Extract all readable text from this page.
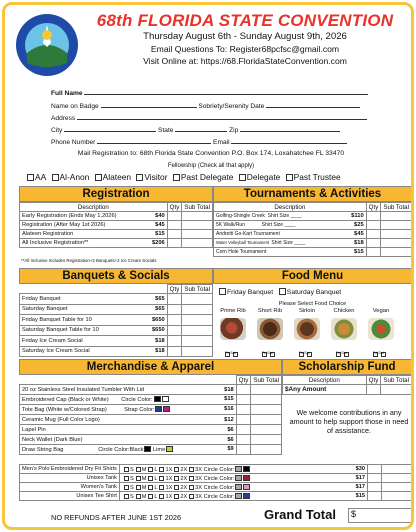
68th FLORIDA STATE CONVENTION
Thursday August 6th - Sunday August 9th, 2026
Email Questions To: Register68pcfsc@gmail.com
Visit Online at: https://68.FloridaStateConvention.com
Full Name
Name on Badge	Sobriety/Serenity Date
Address
City	State	Zip
Phone Number	Email
Mail Registration to: 68th Florida State Convention P.O. Box 174, Loxahatchee FL 33470
Fellowship (Check all that apply)
AA Al-Anon Alateen Visitor Past Delegate Delegate Past Trustee
Registration
Description	Qty	Sub Total
Early Registration (Ends May 1,2026) $40		

Registration (After May 1st 2026) $45		

Alateen Registration $15		

All Inclusive Registration** $206		

**All Inclusive Includes Registration+2 Banquets+2 Ice Cream Socials
Tournaments & Activities
Description	Qty	Sub Total
Golfing-Shingle Creek Shirt Size ____ $110		

5K Walk/Run Shirt Size ____ $25		

Andretti Go-Kart Tournament $45		

Water Volleyball Tournament Shirt Size ____ $18		

Corn Hole Tournament $15		

Banquets & Socials
	Qty	Sub Total
Friday Banquet $65		

Saturday Banquet $65		

Friday Banquet Table for 10 $650		

Saturday Banquet Table for 10 $650		

Friday Ice Cream Social $18		

Saturday Ice Cream Social $18		

Food Menu
Friday Banquet Saturday Banquet
Please Select Food Choice
Prime Rib	Short Rib	Sirloin	Chicken	Vegan
Fri Sat	Fri Sat	Fri Sat	Fri Sat	Fri Sat
Merchandise & Apparel
	Qty	Sub Total
20 oz Stainless Steel Insulated Tumbler With Lid $18		

Embroidered Cap (Black or White) Circle Color: $15		

Tote Bag (White w/Colored Strap) Strap Color: $16		

Ceramic Mug (Full Color Logo) $12		

Lapel Pin $6		

Neck Wallet (Dark Blue) $6		

Draw String Bag Circle Color:Black Lime $9		

Men's Polo Embroidered Dry Fit Shirts	S M L 1X 2X 3X Circle Color: $30		

Unisex Tank	S M L 1X 2X 3X Circle Color: $17		

Women's Tank	S M L 1X 2X 3X Circle Color: $17		

Unisex Tee Shirt	S M L 1X 2X 3X Circle Color: $15		

Scholarship Fund
Description	Qty	Sub Total
$Any Amount		
We welcome contributions in any amount to help support those in need of assistance.
NO REFUNDS AFTER JUNE 1ST 2026	Grand Total	$
